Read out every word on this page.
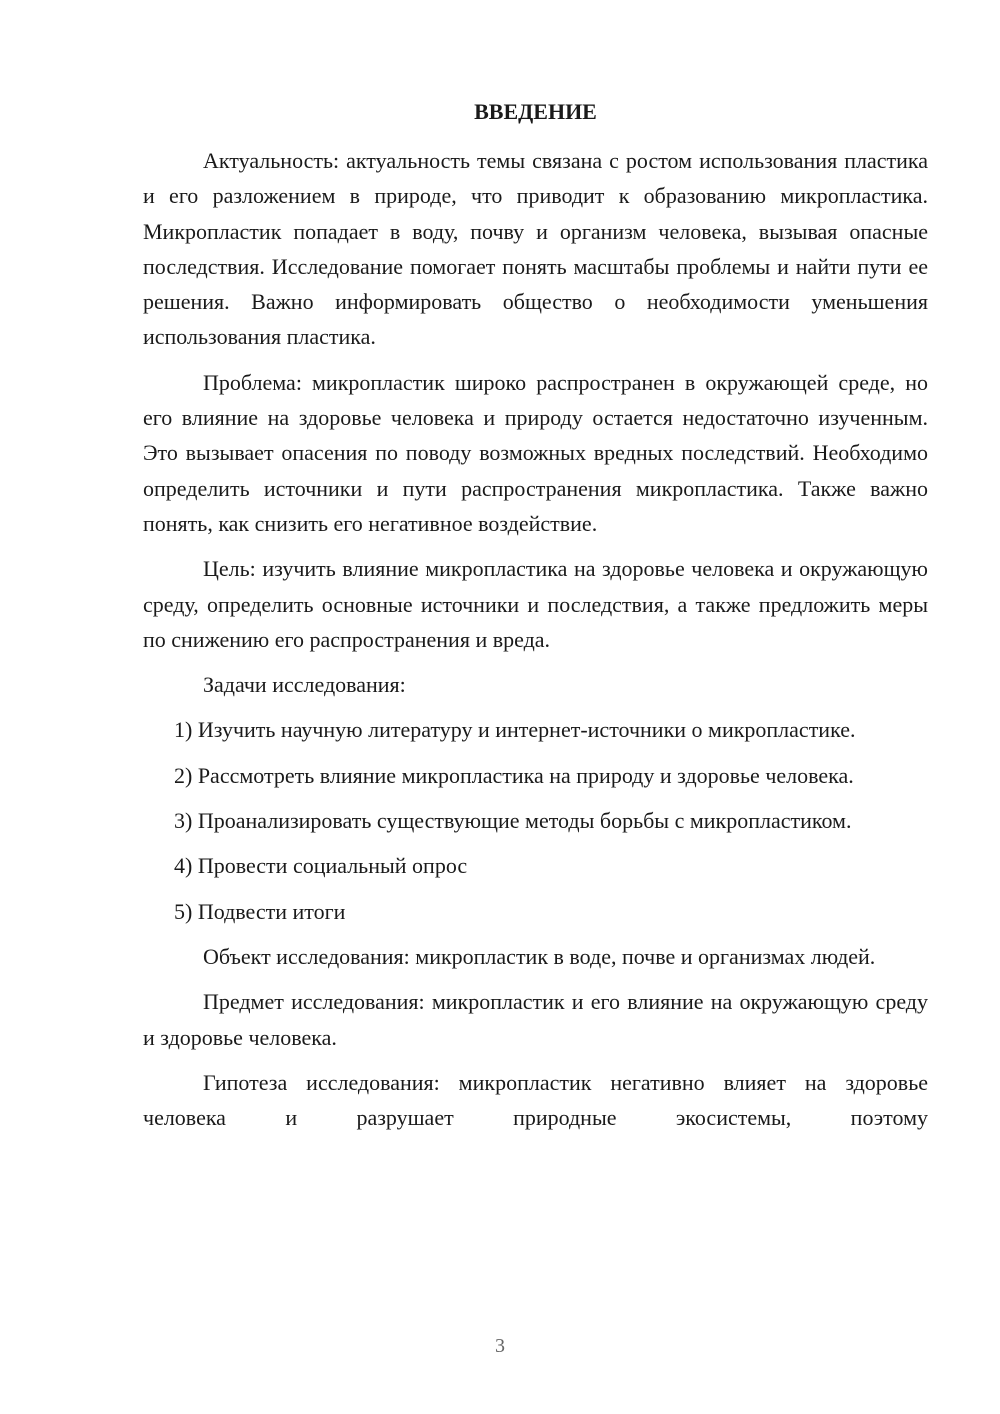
ВВЕДЕНИЕ

Актуальность: актуальность темы связана с ростом использования пластика и его разложением в природе, что приводит к образованию микропластика. Микропластик попадает в воду, почву и организм человека, вызывая опасные последствия. Исследование помогает понять масштабы проблемы и найти пути ее решения. Важно информировать общество о необходимости уменьшения использования пластика.

Проблема: микропластик широко распространен в окружающей среде, но его влияние на здоровье человека и природу остается недостаточно изученным. Это вызывает опасения по поводу возможных вредных последствий. Необходимо определить источники и пути распространения микропластика. Также важно понять, как снизить его негативное воздействие.

Цель: изучить влияние микропластика на здоровье человека и окружающую среду, определить основные источники и последствия, а также предложить меры по снижению его распространения и вреда.

Задачи исследования:

1) Изучить научную литературу и интернет-источники о микропластике.

2) Рассмотреть влияние микропластика на природу и здоровье человека.

3) Проанализировать существующие методы борьбы с микропластиком.

4) Провести социальный опрос

5) Подвести итоги

Объект исследования: микропластик в воде, почве и организмах людей.

Предмет исследования: микропластик и его влияние на окружающую среду и здоровье человека.

Гипотеза исследования: микропластик негативно влияет на здоровье человека и разрушает природные экосистемы, поэтому

3
